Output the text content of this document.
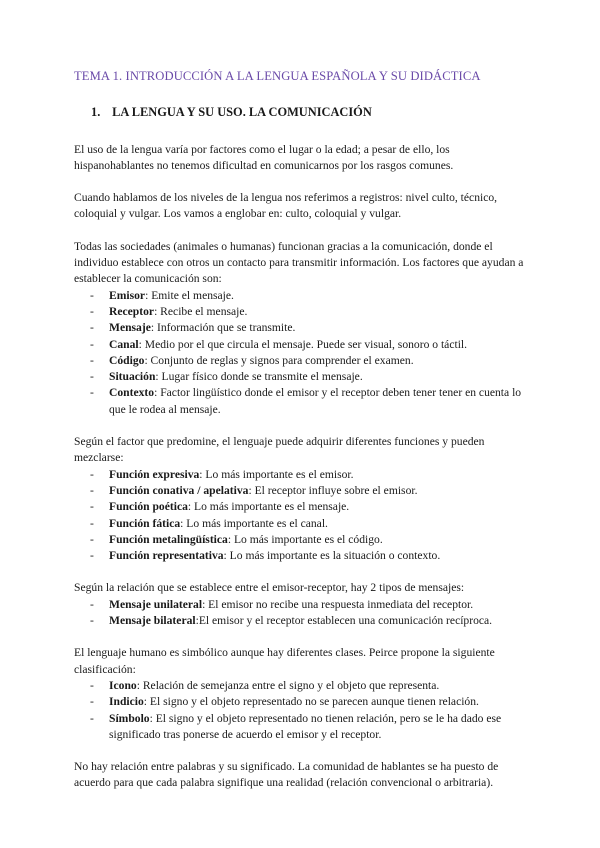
TEMA 1. INTRODUCCIÓN A LA LENGUA ESPAÑOLA Y SU DIDÁCTICA
1. LA LENGUA Y SU USO. LA COMUNICACIÓN

El uso de la lengua varía por factores como el lugar o la edad; a pesar de ello, los hispanohablantes no tenemos dificultad en comunicarnos por los rasgos comunes.

Cuando hablamos de los niveles de la lengua nos referimos a registros: nivel culto, técnico, coloquial y vulgar. Los vamos a englobar en: culto, coloquial y vulgar.

Todas las sociedades (animales o humanas) funcionan gracias a la comunicación, donde el individuo establece con otros un contacto para transmitir información. Los factores que ayudan a establecer la comunicación son:

- Emisor: Emite el mensaje.
- Receptor: Recibe el mensaje.
- Mensaje: Información que se transmite.
- Canal: Medio por el que circula el mensaje. Puede ser visual, sonoro o táctil.
- Código: Conjunto de reglas y signos para comprender el examen.
- Situación: Lugar físico donde se transmite el mensaje.
- Contexto: Factor lingüístico donde el emisor y el receptor deben tener tener en cuenta lo que le rodea al mensaje.

Según el factor que predomine, el lenguaje puede adquirir diferentes funciones y pueden mezclarse:

- Función expresiva: Lo más importante es el emisor.
- Función conativa / apelativa: El receptor influye sobre el emisor.
- Función poética: Lo más importante es el mensaje.
- Función fática: Lo más importante es el canal.
- Función metalingüística: Lo más importante es el código.
- Función representativa: Lo más importante es la situación o contexto.

Según la relación que se establece entre el emisor-receptor, hay 2 tipos de mensajes:

- Mensaje unilateral: El emisor no recibe una respuesta inmediata del receptor.
- Mensaje bilateral:El emisor y el receptor establecen una comunicación recíproca.

El lenguaje humano es simbólico aunque hay diferentes clases. Peirce propone la siguiente clasificación:

- Icono: Relación de semejanza entre el signo y el objeto que representa.
- Indicio: El signo y el objeto representado no se parecen aunque tienen relación.
- Símbolo: El signo y el objeto representado no tienen relación, pero se le ha dado ese significado tras ponerse de acuerdo el emisor y el receptor.

No hay relación entre palabras y su significado. La comunidad de hablantes se ha puesto de acuerdo para que cada palabra signifique una realidad (relación convencional o arbitraria).
